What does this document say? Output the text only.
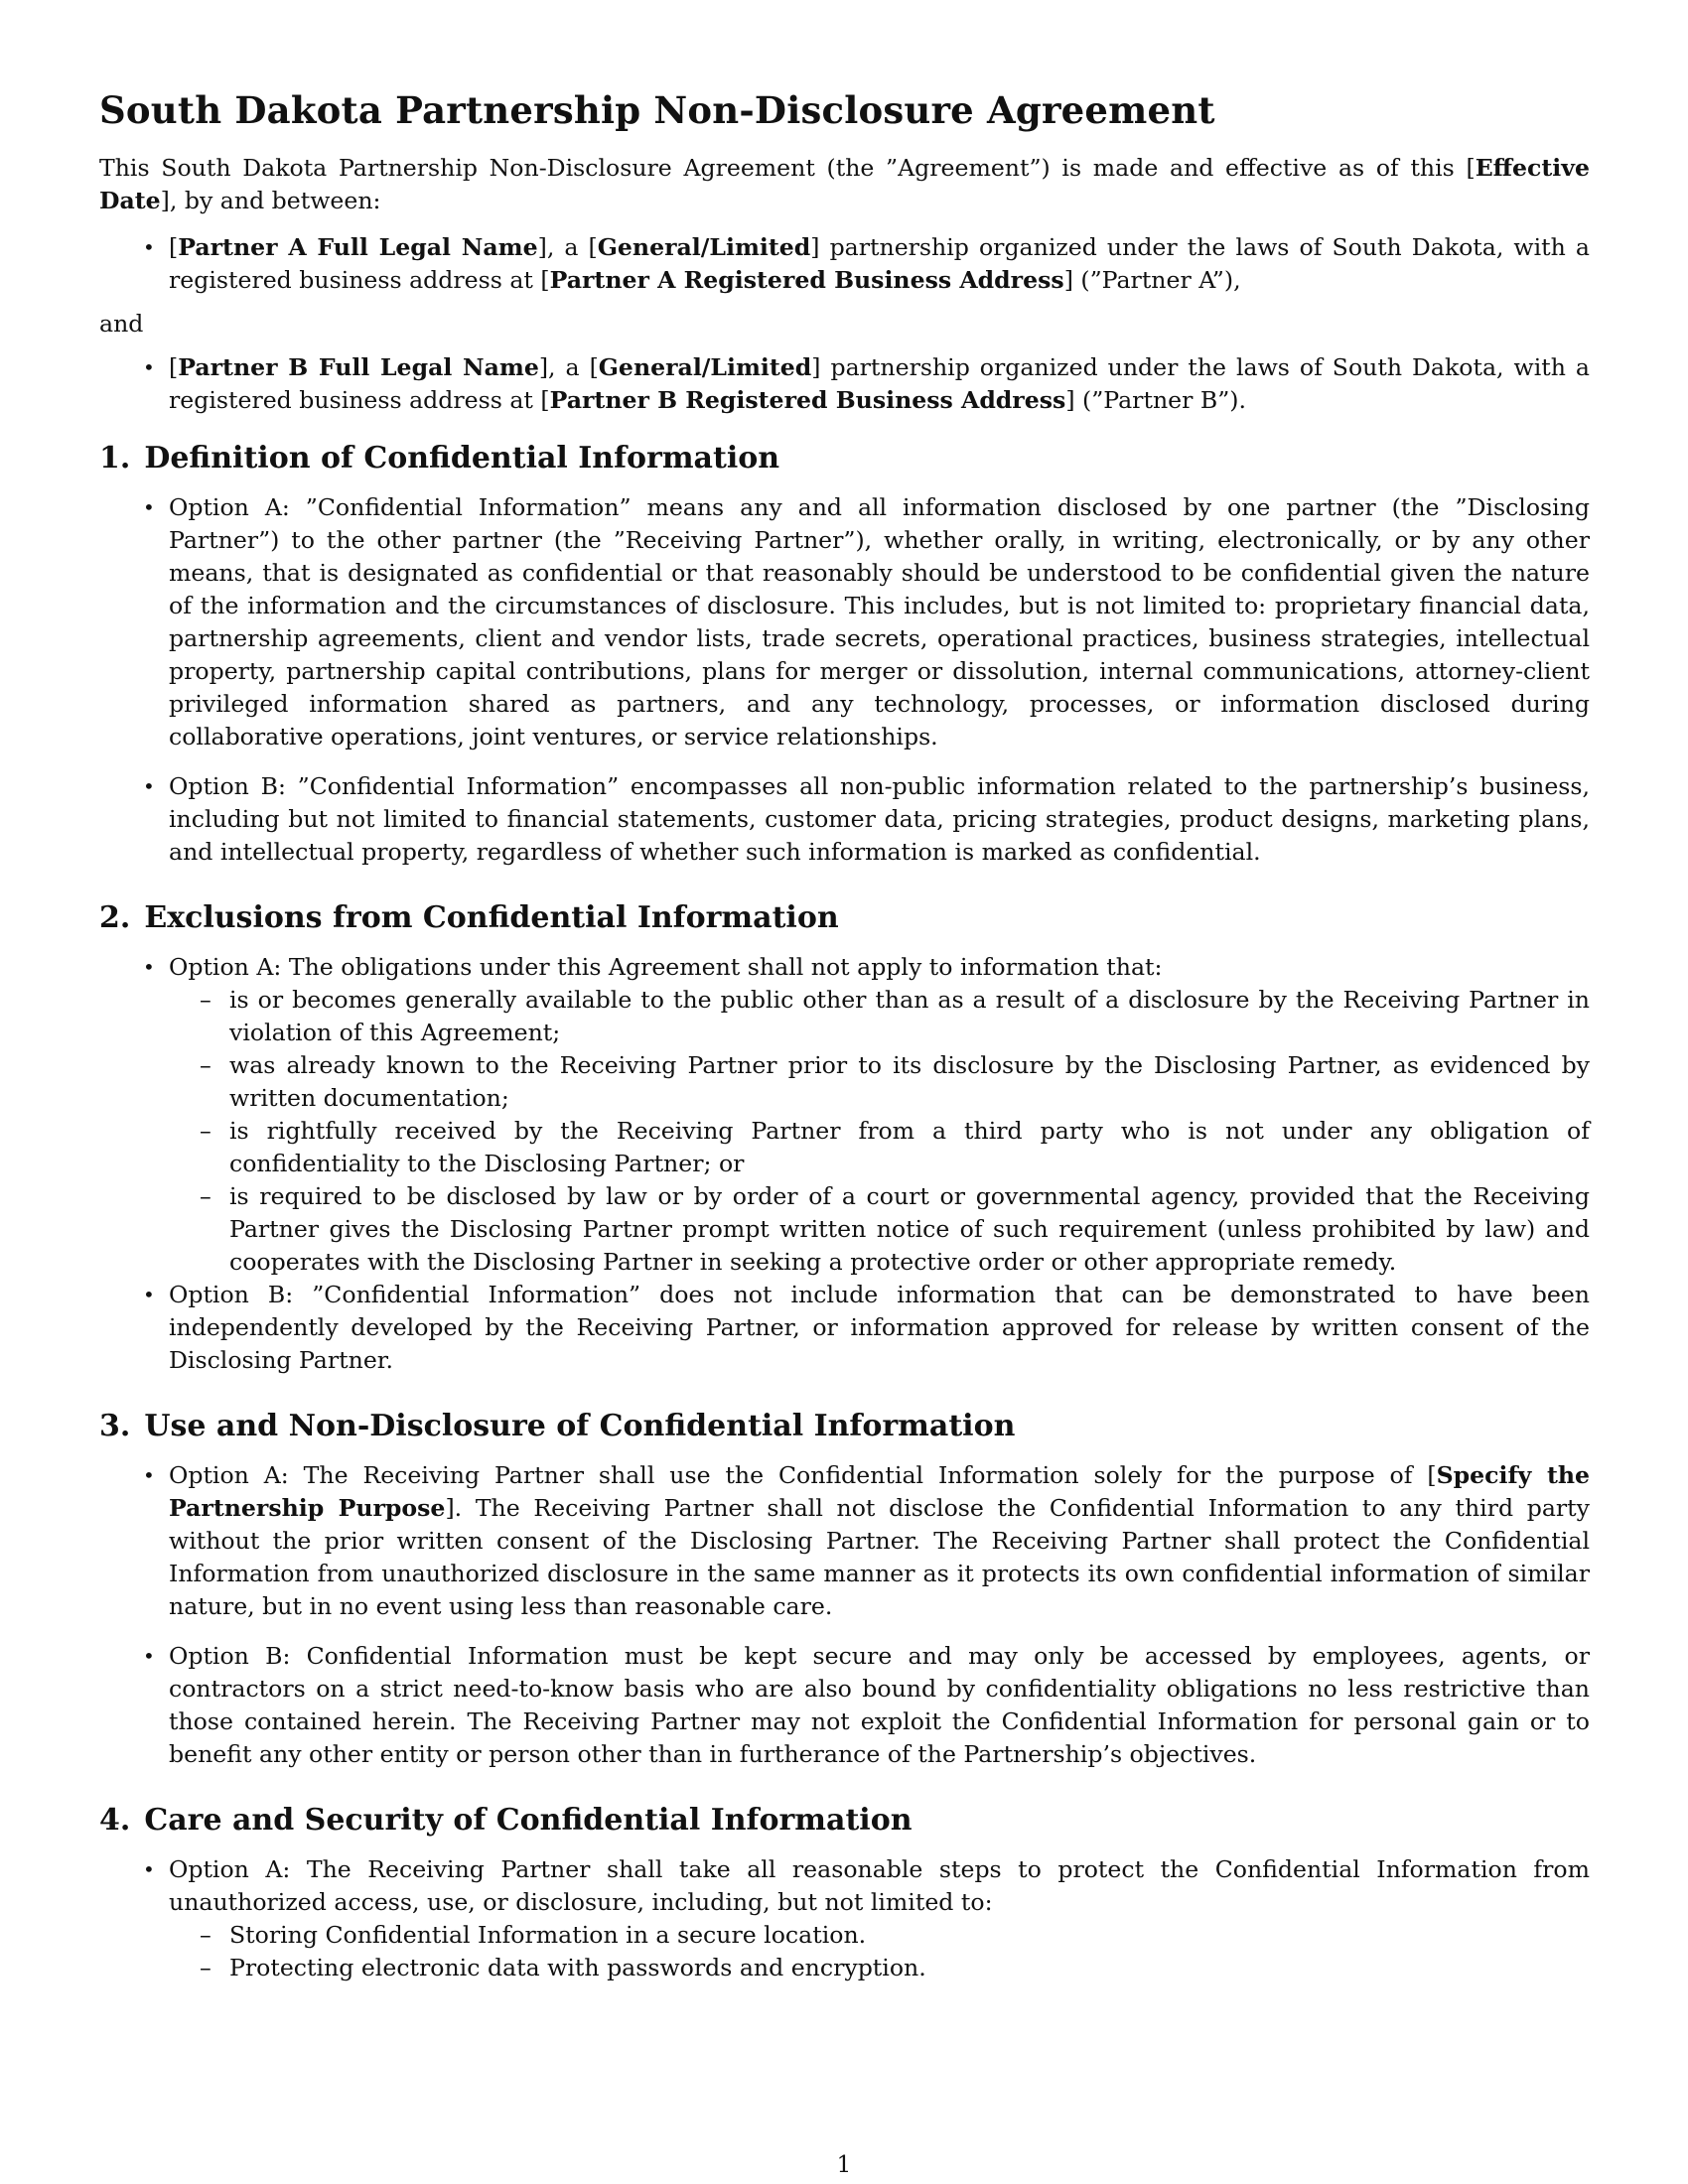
South Dakota Partnership Non-Disclosure Agreement

This South Dakota Partnership Non-Disclosure Agreement (the ”Agreement”) is made and effective as of this [Effective Date], by and between:

• [Partner A Full Legal Name], a [General/Limited] partnership organized under the laws of South Dakota, with a registered business address at [Partner A Registered Business Address] (”Partner A”),

and

• [Partner B Full Legal Name], a [General/Limited] partnership organized under the laws of South Dakota, with a registered business address at [Partner B Registered Business Address] (”Partner B”).
1. Definition of Confidential Information
• Option A: ”Confidential Information” means any and all information disclosed by one partner (the ”Disclosing Partner”) to the other partner (the ”Receiving Partner”), whether orally, in writing, electronically, or by any other means, that is designated as confidential or that reasonably should be understood to be confidential given the nature of the information and the circumstances of disclosure. This includes, but is not limited to: proprietary financial data, partnership agreements, client and vendor lists, trade secrets, operational practices, business strategies, intellectual property, partnership capital contributions, plans for merger or dissolution, internal communications, attorney-client privileged information shared as partners, and any technology, processes, or information disclosed during collaborative operations, joint ventures, or service relationships.
• Option B: ”Confidential Information” encompasses all non-public information related to the partnership’s business, including but not limited to financial statements, customer data, pricing strategies, product designs, marketing plans, and intellectual property, regardless of whether such information is marked as confidential.
2. Exclusions from Confidential Information
• Option A: The obligations under this Agreement shall not apply to information that:
– is or becomes generally available to the public other than as a result of a disclosure by the Receiving Partner in violation of this Agreement;
– was already known to the Receiving Partner prior to its disclosure by the Disclosing Partner, as evidenced by written documentation;
– is rightfully received by the Receiving Partner from a third party who is not under any obligation of confidentiality to the Disclosing Partner; or
– is required to be disclosed by law or by order of a court or governmental agency, provided that the Receiving Partner gives the Disclosing Partner prompt written notice of such requirement (unless prohibited by law) and cooperates with the Disclosing Partner in seeking a protective order or other appropriate remedy.
• Option B: ”Confidential Information” does not include information that can be demonstrated to have been independently developed by the Receiving Partner, or information approved for release by written consent of the Disclosing Partner.
3. Use and Non-Disclosure of Confidential Information
• Option A: The Receiving Partner shall use the Confidential Information solely for the purpose of [Specify the Partnership Purpose]. The Receiving Partner shall not disclose the Confidential Information to any third party without the prior written consent of the Disclosing Partner. The Receiving Partner shall protect the Confidential Information from unauthorized disclosure in the same manner as it protects its own confidential information of similar nature, but in no event using less than reasonable care.
• Option B: Confidential Information must be kept secure and may only be accessed by employees, agents, or contractors on a strict need-to-know basis who are also bound by confidentiality obligations no less restrictive than those contained herein. The Receiving Partner may not exploit the Confidential Information for personal gain or to benefit any other entity or person other than in furtherance of the Partnership’s objectives.
4. Care and Security of Confidential Information
• Option A: The Receiving Partner shall take all reasonable steps to protect the Confidential Information from unauthorized access, use, or disclosure, including, but not limited to:
– Storing Confidential Information in a secure location.
– Protecting electronic data with passwords and encryption.
1
